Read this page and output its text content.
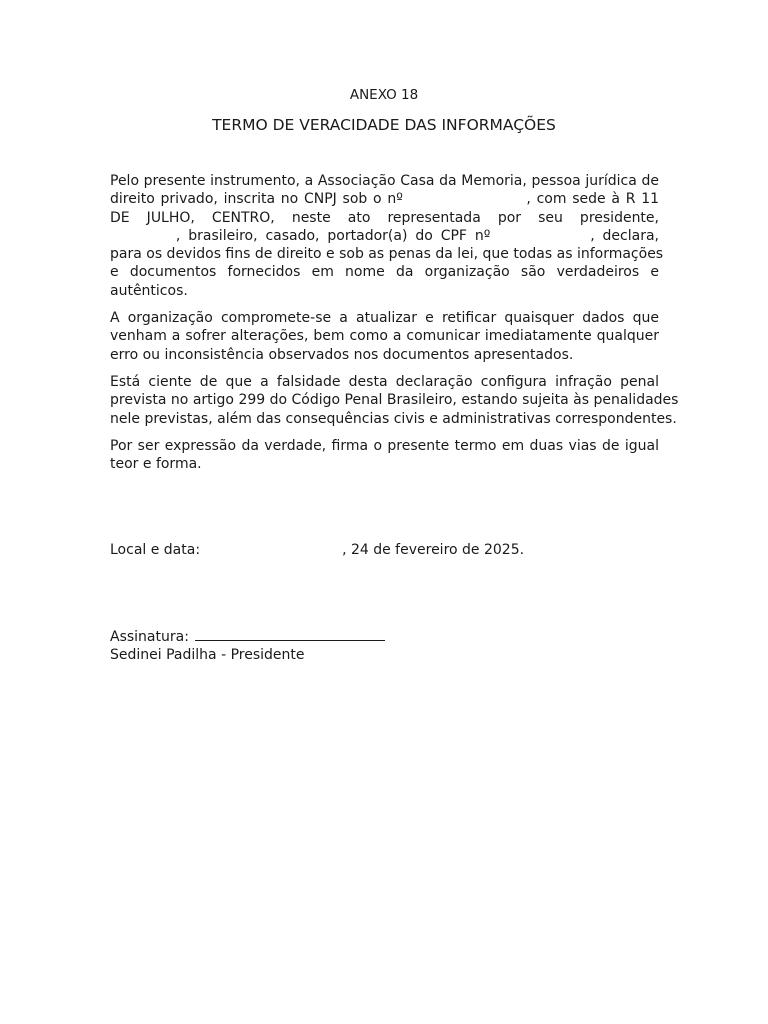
ANEXO 18
TERMO DE VERACIDADE DAS INFORMAÇÕES

Pelo presente instrumento, a Associação Casa da Memoria, pessoa jurídica de
direito privado, inscrita no CNPJ sob o nº	, com sede à R 11
DE JULHO, CENTRO, neste ato representada por seu presidente,
, brasileiro, casado, portador(a) do CPF nº	, declara,
para os devidos fins de direito e sob as penas da lei, que todas as informações
e documentos fornecidos em nome da organização são verdadeiros e
autênticos.

A organização compromete-se a atualizar e retificar quaisquer dados que
venham a sofrer alterações, bem como a comunicar imediatamente qualquer
erro ou inconsistência observados nos documentos apresentados.

Está ciente de que a falsidade desta declaração configura infração penal
prevista no artigo 299 do Código Penal Brasileiro, estando sujeita às penalidades
nele previstas, além das consequências civis e administrativas correspondentes.

Por ser expressão da verdade, firma o presente termo em duas vias de igual
teor e forma.

Local e data:	, 24 de fevereiro de 2025.
Assinatura:
Sedinei Padilha - Presidente
